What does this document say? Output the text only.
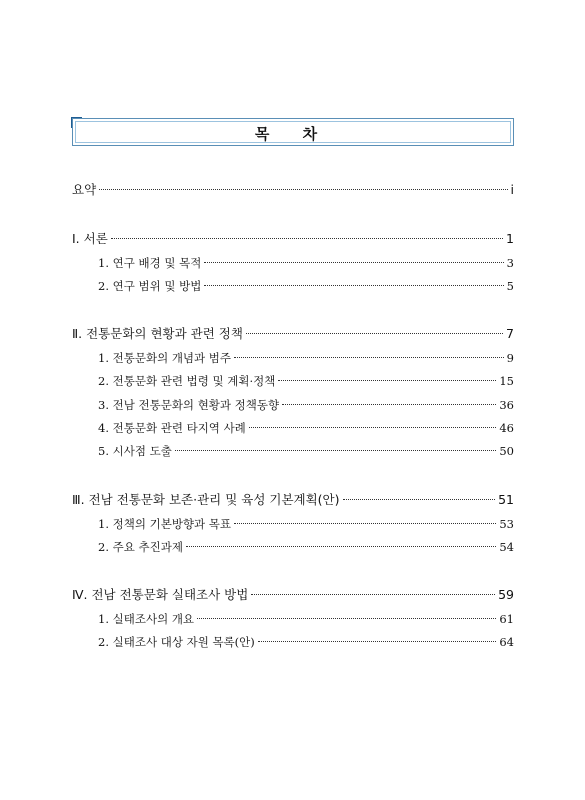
목 차
요약	i
Ⅰ. 서론	1
1. 연구 배경 및 목적	3
2. 연구 범위 및 방법	5
Ⅱ. 전통문화의 현황과 관련 정책	7
1. 전통문화의 개념과 범주	9
2. 전통문화 관련 법령 및 계획·정책	15
3. 전남 전통문화의 현황과 정책동향	36
4. 전통문화 관련 타지역 사례	46
5. 시사점 도출	50
Ⅲ. 전남 전통문화 보존·관리 및 육성 기본계획(안)	51
1. 정책의 기본방향과 목표	53
2. 주요 추진과제	54
Ⅳ. 전남 전통문화 실태조사 방법	59
1. 실태조사의 개요	61
2. 실태조사 대상 자원 목록(안)	64
